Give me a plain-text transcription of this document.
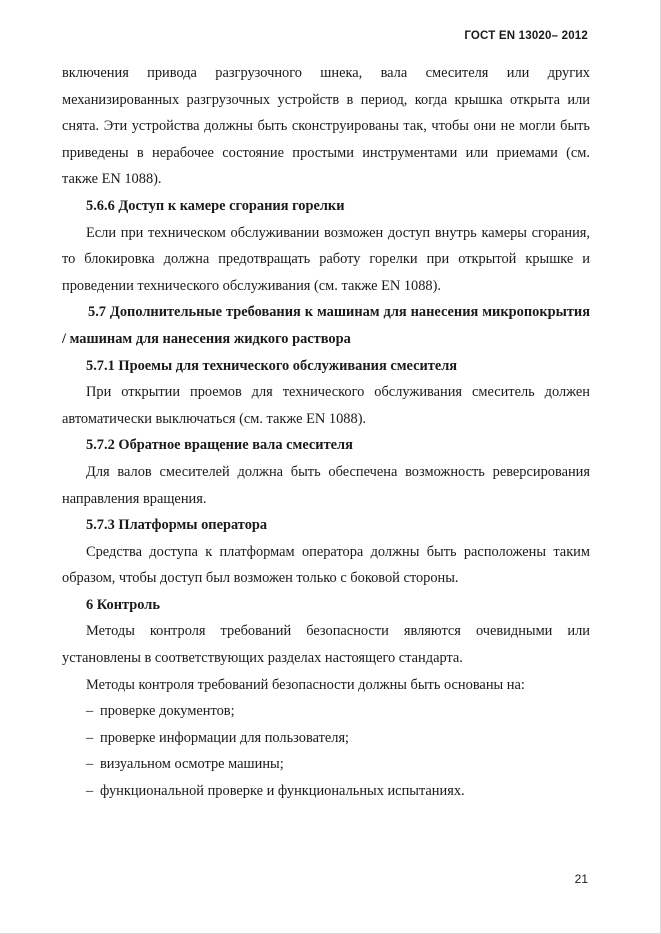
ГОСТ EN 13020– 2012

включения привода разгрузочного шнека, вала смесителя или других механизированных разгрузочных устройств в период, когда крышка открыта или снята. Эти устройства должны быть сконструированы так, чтобы они не могли быть приведены в нерабочее состояние простыми инструментами или приемами (см. также EN 1088).

5.6.6 Доступ к камере сгорания горелки

Если при техническом обслуживании возможен доступ внутрь камеры сгорания, то блокировка должна предотвращать работу горелки при открытой крышке и проведении технического обслуживания (см. также EN 1088).

5.7 Дополнительные требования к машинам для нанесения микропокрытия / машинам для нанесения жидкого раствора

5.7.1 Проемы для технического обслуживания смесителя

При открытии проемов для технического обслуживания смеситель должен автоматически выключаться (см. также EN 1088).

5.7.2 Обратное вращение вала смесителя

Для валов смесителей должна быть обеспечена возможность реверсирования направления вращения.

5.7.3 Платформы оператора

Средства доступа к платформам оператора должны быть расположены таким образом, чтобы доступ был возможен только с боковой стороны.

6 Контроль

Методы контроля требований безопасности являются очевидными или установлены в соответствующих разделах настоящего стандарта.

Методы контроля требований безопасности должны быть основаны на:

– проверке документов;
– проверке информации для пользователя;
– визуальном осмотре машины;
– функциональной проверке и функциональных испытаниях.
21
